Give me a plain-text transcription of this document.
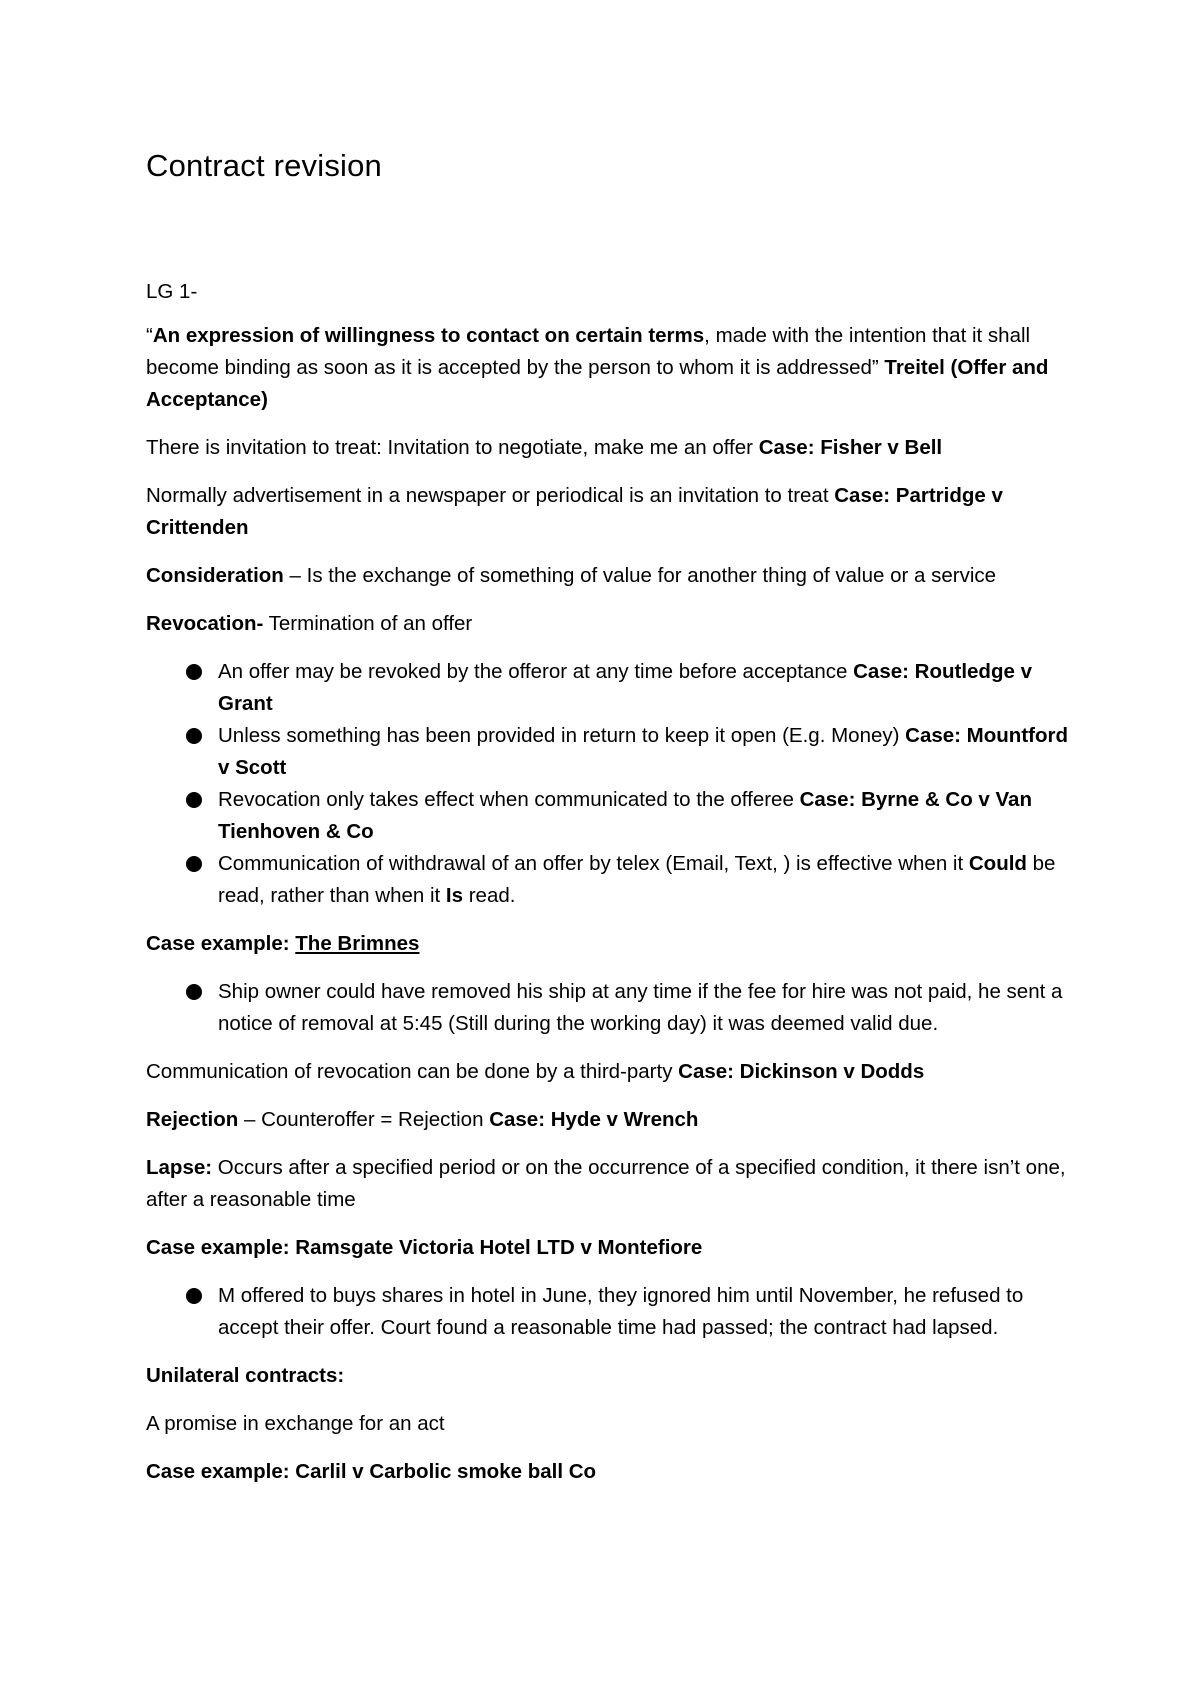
Contract revision

LG 1-

“An expression of willingness to contact on certain terms, made with the intention that it shall become binding as soon as it is accepted by the person to whom it is addressed” Treitel (Offer and Acceptance)

There is invitation to treat: Invitation to negotiate, make me an offer Case: Fisher v Bell

Normally advertisement in a newspaper or periodical is an invitation to treat Case: Partridge v Crittenden

Consideration – Is the exchange of something of value for another thing of value or a service

Revocation- Termination of an offer

An offer may be revoked by the offeror at any time before acceptance Case: Routledge v Grant
Unless something has been provided in return to keep it open (E.g. Money) Case: Mountford v Scott
Revocation only takes effect when communicated to the offeree Case: Byrne & Co v Van Tienhoven & Co
Communication of withdrawal of an offer by telex (Email, Text, ) is effective when it Could be read, rather than when it Is read.

Case example: The Brimnes

Ship owner could have removed his ship at any time if the fee for hire was not paid, he sent a notice of removal at 5:45 (Still during the working day) it was deemed valid due.

Communication of revocation can be done by a third-party Case: Dickinson v Dodds

Rejection – Counteroffer = Rejection Case: Hyde v Wrench

Lapse: Occurs after a specified period or on the occurrence of a specified condition, it there isn’t one, after a reasonable time

Case example: Ramsgate Victoria Hotel LTD v Montefiore

M offered to buys shares in hotel in June, they ignored him until November, he refused to accept their offer. Court found a reasonable time had passed; the contract had lapsed.

Unilateral contracts:

A promise in exchange for an act

Case example: Carlil v Carbolic smoke ball Co
